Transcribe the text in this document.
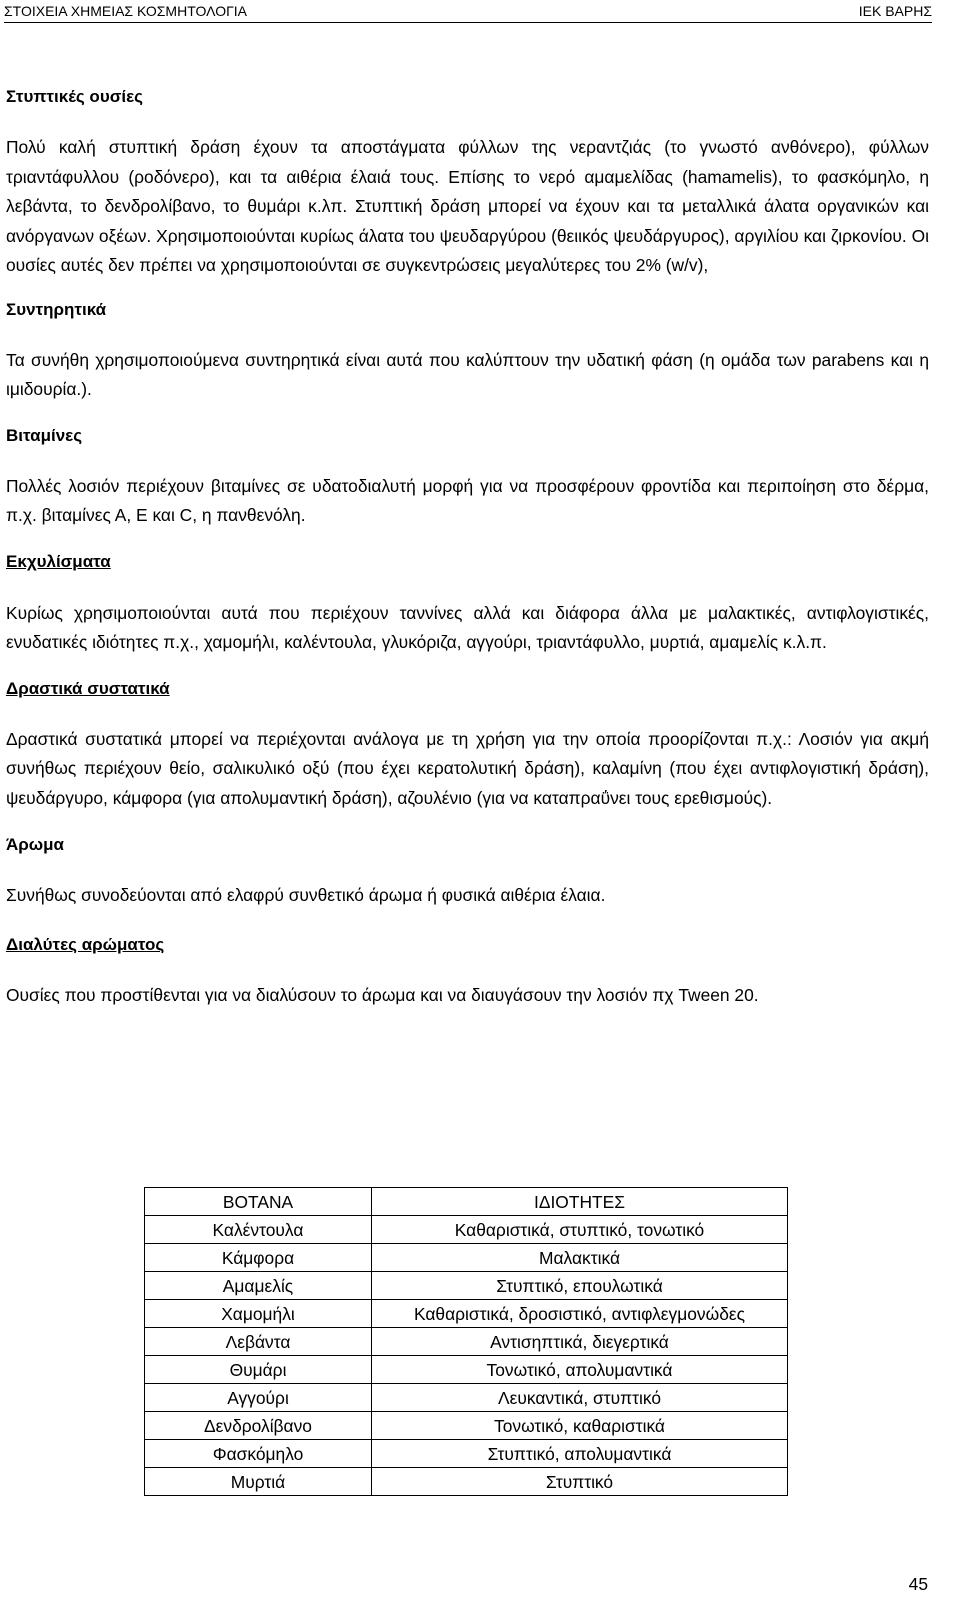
ΣΤΟΙΧΕΙΑ ΧΗΜΕΙΑΣ ΚΟΣΜΗΤΟΛΟΓΙΑ	ΙΕΚ ΒΑΡΗΣ

Στυπτικές ουσίες

Πολύ καλή στυπτική δράση έχουν τα αποστάγματα φύλλων της νεραντζιάς (το γνωστό ανθόνερο), φύλλων τριαντάφυλλου (ροδόνερο), και τα αιθέρια έλαιά τους. Επίσης το νερό αμαμελίδας (hamamelis), το φασκόμηλο, η λεβάντα, το δενδρολίβανο, το θυμάρι κ.λπ. Στυπτική δράση μπορεί να έχουν και τα μεταλλικά άλατα οργανικών και ανόργανων οξέων. Χρησιμοποιούνται κυρίως άλατα του ψευδαργύρου (θειικός ψευδάργυρος), αργιλίου και ζιρκονίου. Οι ουσίες αυτές δεν πρέπει να χρησιμοποιούνται σε συγκεντρώσεις μεγαλύτερες του 2% (w/v),

Συντηρητικά

Τα συνήθη χρησιμοποιούμενα συντηρητικά είναι αυτά που καλύπτουν την υδατική φάση (η ομάδα των parabens και η ιμιδουρία.).

Βιταμίνες

Πολλές λοσιόν περιέχουν βιταμίνες σε υδατοδιαλυτή μορφή για να προσφέρουν φροντίδα και περιποίηση στο δέρμα, π.χ. βιταμίνες Α, Ε και C, η πανθενόλη.

Εκχυλίσματα

Κυρίως χρησιμοποιούνται αυτά που περιέχουν ταννίνες αλλά και διάφορα άλλα με μαλακτικές, αντιφλογιστικές, ενυδατικές ιδιότητες π.χ., χαμομήλι, καλέντουλα, γλυκόριζα, αγγούρι, τριαντάφυλλο, μυρτιά, αμαμελίς κ.λ.π.

Δραστικά συστατικά

Δραστικά συστατικά μπορεί να περιέχονται ανάλογα με τη χρήση για την οποία προορίζονται π.χ.: Λοσιόν για ακμή συνήθως περιέχουν θείο, σαλικυλικό οξύ (που έχει κερατολυτική δράση), καλαμίνη (που έχει αντιφλογιστική δράση), ψευδάργυρο, κάμφορα (για απολυμαντική δράση), αζουλένιο (για να καταπραΰνει τους ερεθισμούς).

Άρωμα

Συνήθως συνοδεύονται από ελαφρύ συνθετικό άρωμα ή φυσικά αιθέρια έλαια.

Διαλύτες αρώματος

Ουσίες που προστίθενται για να διαλύσουν το άρωμα και να διαυγάσουν την λοσιόν πχ Tween 20.

ΒΟΤΑΝΑ	ΙΔΙΟΤΗΤΕΣ
Καλέντουλα	Καθαριστικά, στυπτικό, τονωτικό
Κάμφορα	Μαλακτικά
Αμαμελίς	Στυπτικό, επουλωτικά
Χαμομήλι	Καθαριστικά, δροσιστικό, αντιφλεγμονώδες
Λεβάντα	Αντισηπτικά, διεγερτικά
Θυμάρι	Τονωτικό, απολυμαντικά
Αγγούρι	Λευκαντικά, στυπτικό
Δενδρολίβανο	Τονωτικό, καθαριστικά
Φασκόμηλο	Στυπτικό, απολυμαντικά
Μυρτιά	Στυπτικό
45
